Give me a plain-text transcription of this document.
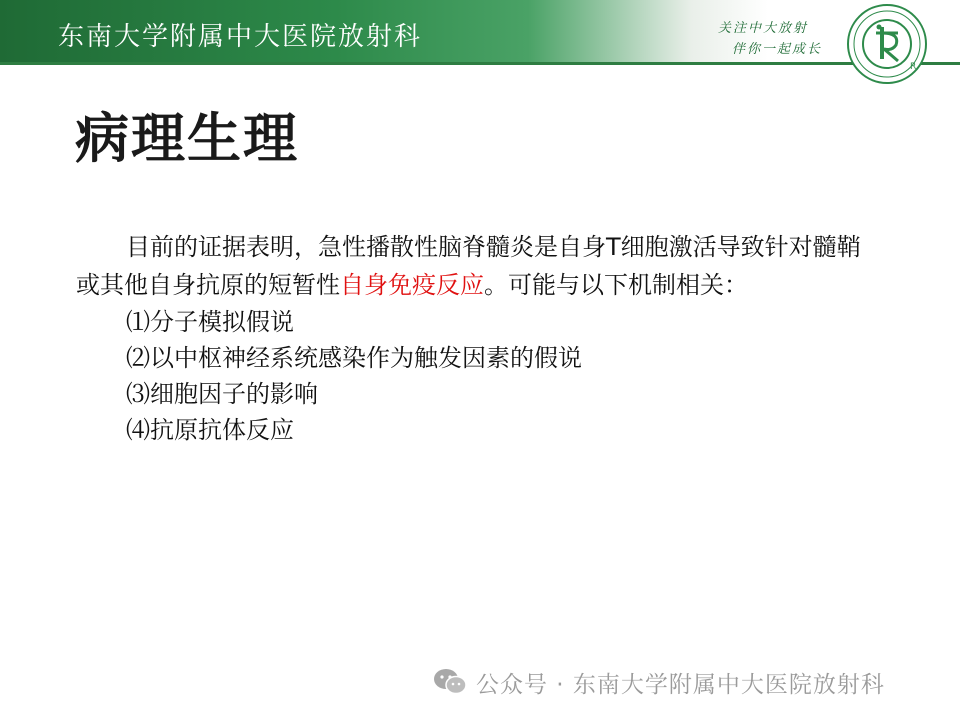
东南大学附属中大医院放射科	关注中大放射
伴你一起成长
R
病理生理

目前的证据表明，急性播散性脑脊髓炎是自身T细胞激活导致针对髓鞘或其他自身抗原的短暂性自身免疫反应。可能与以下机制相关：

⑴分子模拟假说
⑵以中枢神经系统感染作为触发因素的假说
⑶细胞因子的影响
⑷抗原抗体反应
公众号 · 东南大学附属中大医院放射科
